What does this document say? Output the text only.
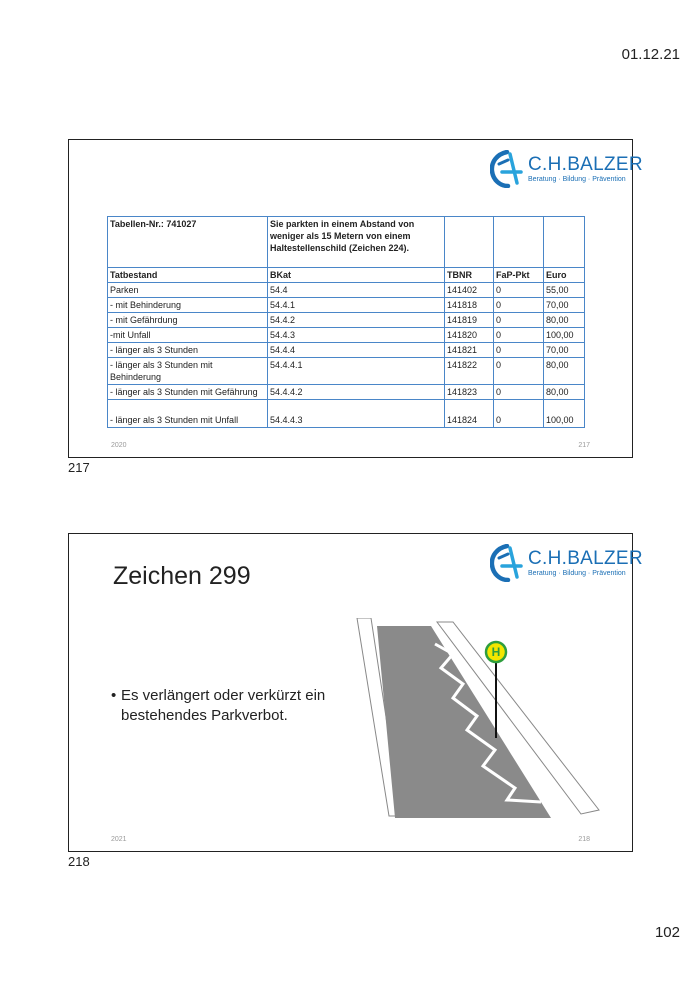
01.12.21
C.H.BALZER
Beratung · Bildung · Prävention
Tabellen-Nr.: 741027	Sie parkten in einem Abstand von weniger als 15 Metern von einem Haltestellenschild (Zeichen 224).			
Tatbestand	BKat	TBNR	FaP-Pkt	Euro
Parken	54.4	141402	0	55,00
- mit Behinderung	54.4.1	141818	0	70,00
- mit Gefährdung	54.4.2	141819	0	80,00
-mit Unfall	54.4.3	141820	0	100,00
- länger als 3 Stunden	54.4.4	141821	0	70,00
- länger als 3 Stunden mit Behinderung	54.4.4.1	141822	0	80,00
- länger als 3 Stunden mit Gefährung	54.4.4.2	141823	0	80,00
- länger als 3 Stunden mit Unfall	54.4.4.3	141824	0	100,00
2020	217
217
C.H.BALZER
Beratung · Bildung · Prävention
Zeichen 299
• Es verlängert oder verkürzt ein bestehendes Parkverbot.
H
2021	218
218
102
